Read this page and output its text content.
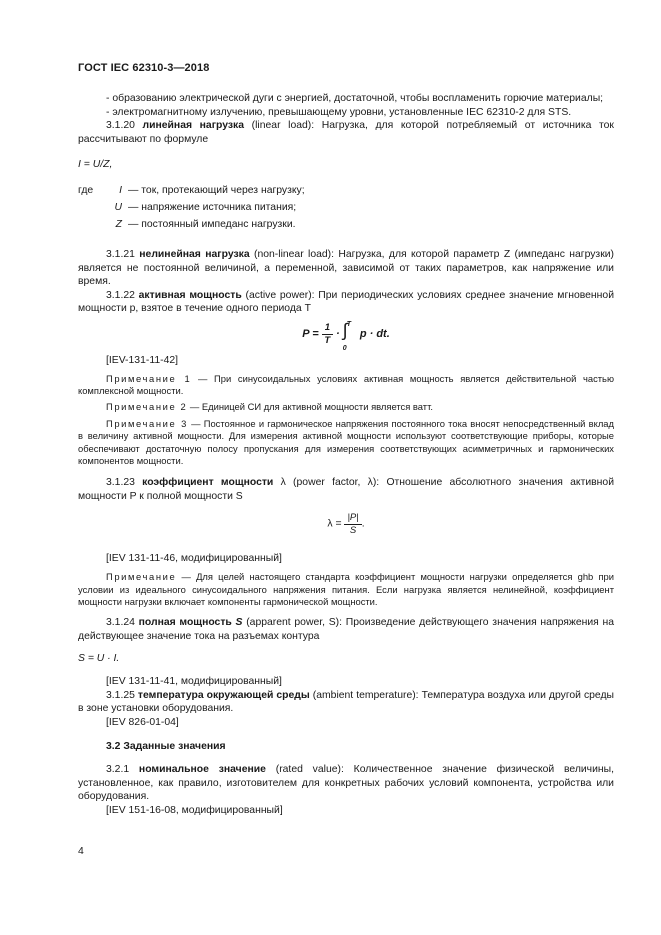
ГОСТ IEC 62310-3—2018

- образованию электрической дуги с энергией, достаточной, чтобы воспламенить горючие материалы;

- электромагнитному излучению, превышающему уровни, установленные IEC 62310-2 для STS.

3.1.20 линейная нагрузка (linear load): Нагрузка, для которой потребляемый от источника ток рассчитывают по формуле

I = U/Z,

где	I — ток, протекающий через нагрузку;
U — напряжение источника питания;
Z — постоянный импеданс нагрузки.

3.1.21 нелинейная нагрузка (non-linear load): Нагрузка, для которой параметр Z (импеданс нагрузки) является не постоянной величиной, а переменной, зависимой от таких параметров, как напряжение или время.

3.1.22 активная мощность (active power): При периодических условиях среднее значение мгновенной мощности p, взятое в течение одного периода T

$P = \frac{1}{T}$ ·
T
∫
0
p · dt.

[IEV-131-11-42]

Примечание 1 — При синусоидальных условиях активная мощность является действительной частью комплексной мощности.

Примечание 2 — Единицей СИ для активной мощности является ватт.

Примечание 3 — Постоянное и гармоническое напряжения постоянного тока вносят непосредственный вклад в величину активной мощности. Для измерения активной мощности используют соответствующие приборы, которые обеспечивают достаточную полосу пропускания для измерения соответствующих асимметричных и гармонических компонентов мощности.

3.1.23 коэффициент мощности λ (power factor, λ): Отношение абсолютного значения активной мощности P к полной мощности S

$\lambda = \frac{|P|}{S}$ .

[IEV 131-11-46, модифицированный]

Примечание — Для целей настоящего стандарта коэффициент мощности нагрузки определяется ghb при условии из идеального синусоидального напряжения питания. Если нагрузка является нелинейной, коэффициент мощности нагрузки включает компоненты гармонической мощности.

3.1.24 полная мощность S (apparent power, S): Произведение действующего значения напряжения на действующее значение тока на разъемах контура

S = U · I.

[IEV 131-11-41, модифицированный]

3.1.25 температура окружающей среды (ambient temperature): Температура воздуха или другой среды в зоне установки оборудования.

[IEV 826-01-04]

3.2 Заданные значения

3.2.1 номинальное значение (rated value): Количественное значение физической величины, установленное, как правило, изготовителем для конкретных рабочих условий компонента, устройства или оборудования.

[IEV 151-16-08, модифицированный]

4
